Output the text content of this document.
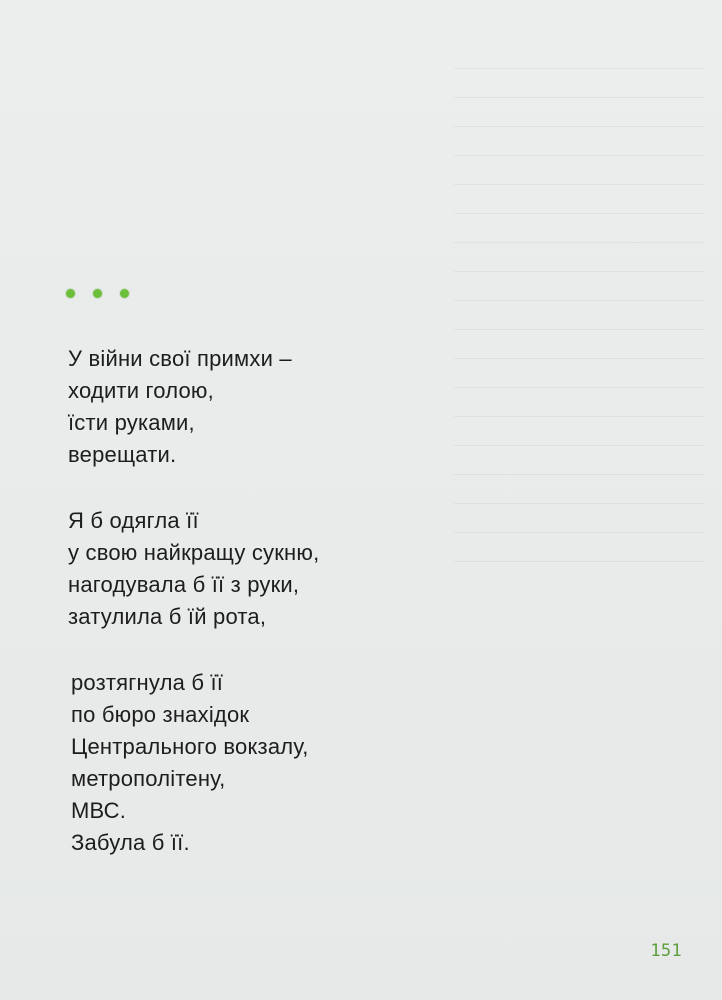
У війни свої примхи –
ходити голою,
їсти руками,
верещати.
Я б одягла її
у свою найкращу сукню,
нагодувала б її з руки,
затулила б їй рота,
розтягнула б її
по бюро знахідок
Центрального вокзалу,
метрополітену,
МВС.
Забула б її.
151
